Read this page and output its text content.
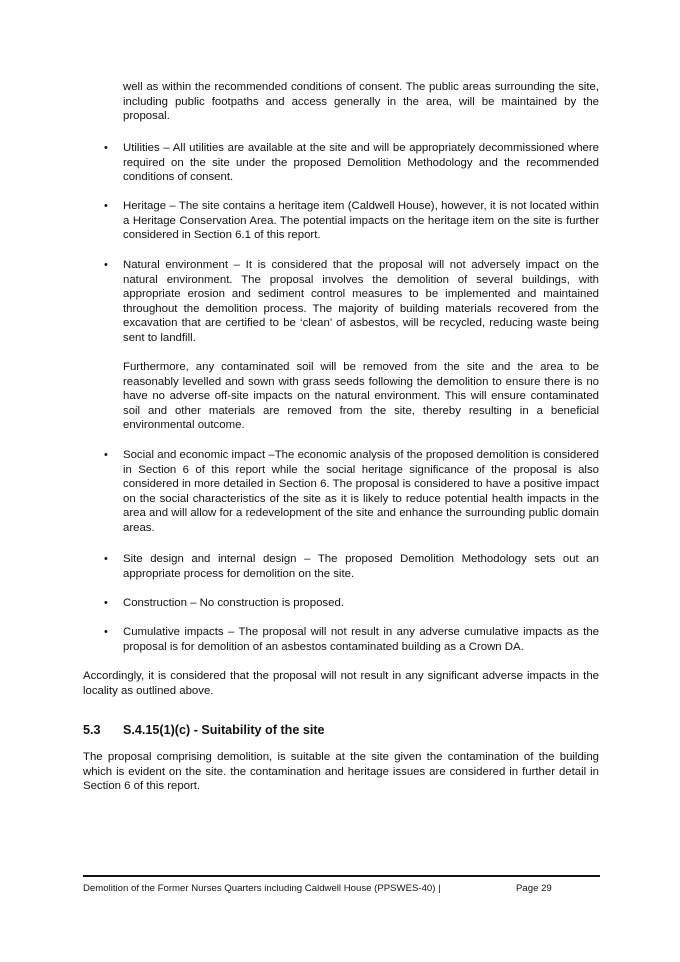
well as within the recommended conditions of consent. The public areas surrounding the site, including public footpaths and access generally in the area, will be maintained by the proposal.

• Utilities – All utilities are available at the site and will be appropriately decommissioned where required on the site under the proposed Demolition Methodology and the recommended conditions of consent.

• Heritage – The site contains a heritage item (Caldwell House), however, it is not located within a Heritage Conservation Area. The potential impacts on the heritage item on the site is further considered in Section 6.1 of this report.

• Natural environment – It is considered that the proposal will not adversely impact on the natural environment. The proposal involves the demolition of several buildings, with appropriate erosion and sediment control measures to be implemented and maintained throughout the demolition process. The majority of building materials recovered from the excavation that are certified to be ‘clean’ of asbestos, will be recycled, reducing waste being sent to landfill.

Furthermore, any contaminated soil will be removed from the site and the area to be reasonably levelled and sown with grass seeds following the demolition to ensure there is no have no adverse off-site impacts on the natural environment. This will ensure contaminated soil and other materials are removed from the site, thereby resulting in a beneficial environmental outcome.

• Social and economic impact –The economic analysis of the proposed demolition is considered in Section 6 of this report while the social heritage significance of the proposal is also considered in more detailed in Section 6. The proposal is considered to have a positive impact on the social characteristics of the site as it is likely to reduce potential health impacts in the area and will allow for a redevelopment of the site and enhance the surrounding public domain areas.

• Site design and internal design – The proposed Demolition Methodology sets out an appropriate process for demolition on the site.

• Construction – No construction is proposed.

• Cumulative impacts – The proposal will not result in any adverse cumulative impacts as the proposal is for demolition of an asbestos contaminated building as a Crown DA.

Accordingly, it is considered that the proposal will not result in any significant adverse impacts in the locality as outlined above.

5.3 S.4.15(1)(c) - Suitability of the site

The proposal comprising demolition, is suitable at the site given the contamination of the building which is evident on the site. the contamination and heritage issues are considered in further detail in Section 6 of this report.

Demolition of the Former Nurses Quarters including Caldwell House (PPSWES-40) |	Page 29
